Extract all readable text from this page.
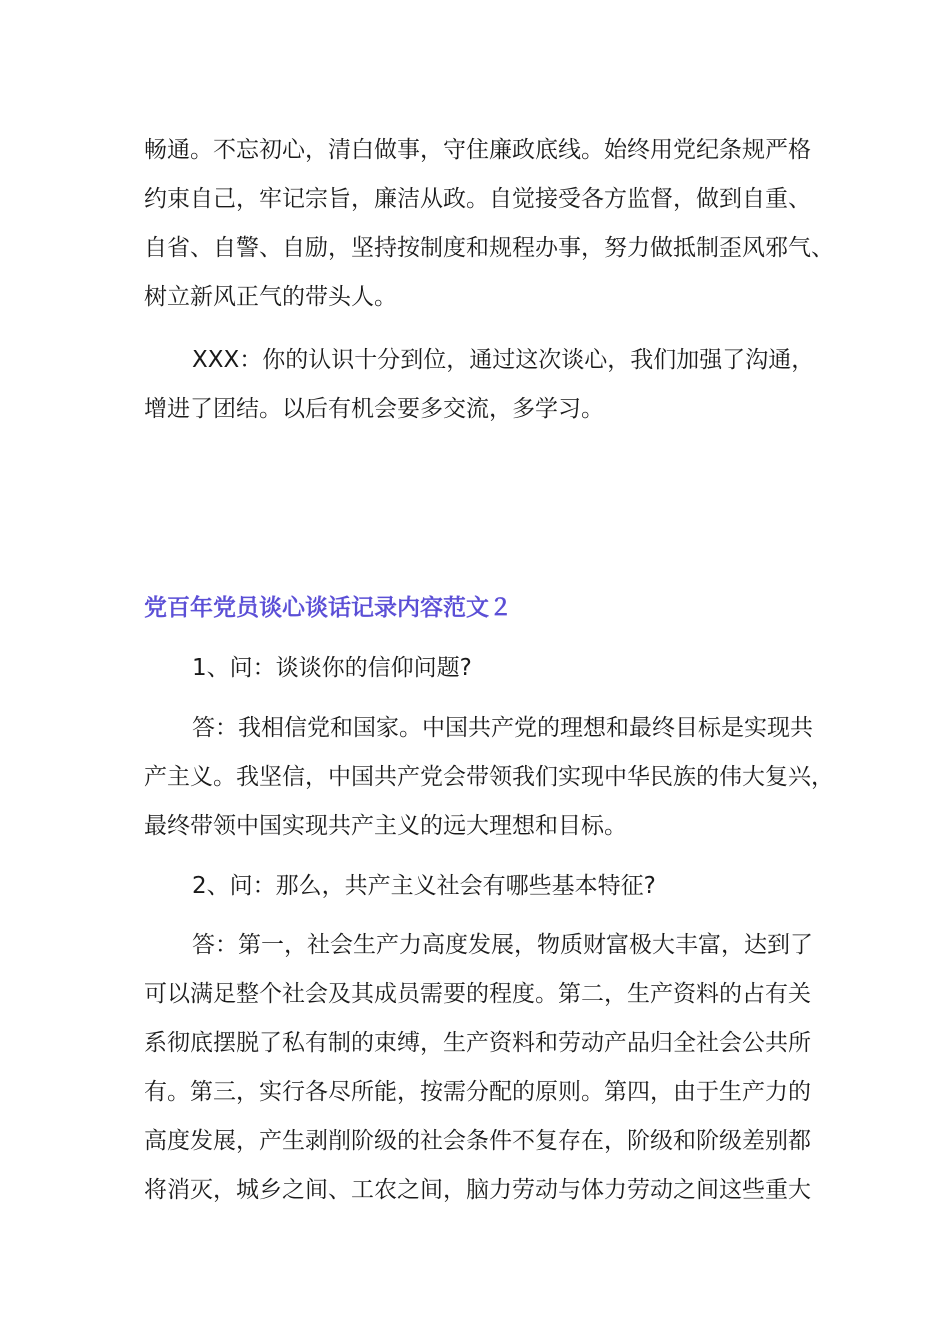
畅通。不忘初心，清白做事，守住廉政底线。始终用党纪条规严格
约束自己，牢记宗旨，廉洁从政。自觉接受各方监督，做到自重、
自省、自警、自励，坚持按制度和规程办事，努力做抵制歪风邪气、
树立新风正气的带头人。
XXX：你的认识十分到位，通过这次谈心，我们加强了沟通，
增进了团结。以后有机会要多交流，多学习。
党百年党员谈心谈话记录内容范文２
1、问：谈谈你的信仰问题?
答：我相信党和国家。中国共产党的理想和最终目标是实现共
产主义。我坚信，中国共产党会带领我们实现中华民族的伟大复兴，
最终带领中国实现共产主义的远大理想和目标。
2、问：那么，共产主义社会有哪些基本特征?
答：第一，社会生产力高度发展，物质财富极大丰富，达到了
可以满足整个社会及其成员需要的程度。第二，生产资料的占有关
系彻底摆脱了私有制的束缚，生产资料和劳动产品归全社会公共所
有。第三，实行各尽所能，按需分配的原则。第四，由于生产力的
高度发展，产生剥削阶级的社会条件不复存在，阶级和阶级差别都
将消灭，城乡之间、工农之间，脑力劳动与体力劳动之间这些重大
